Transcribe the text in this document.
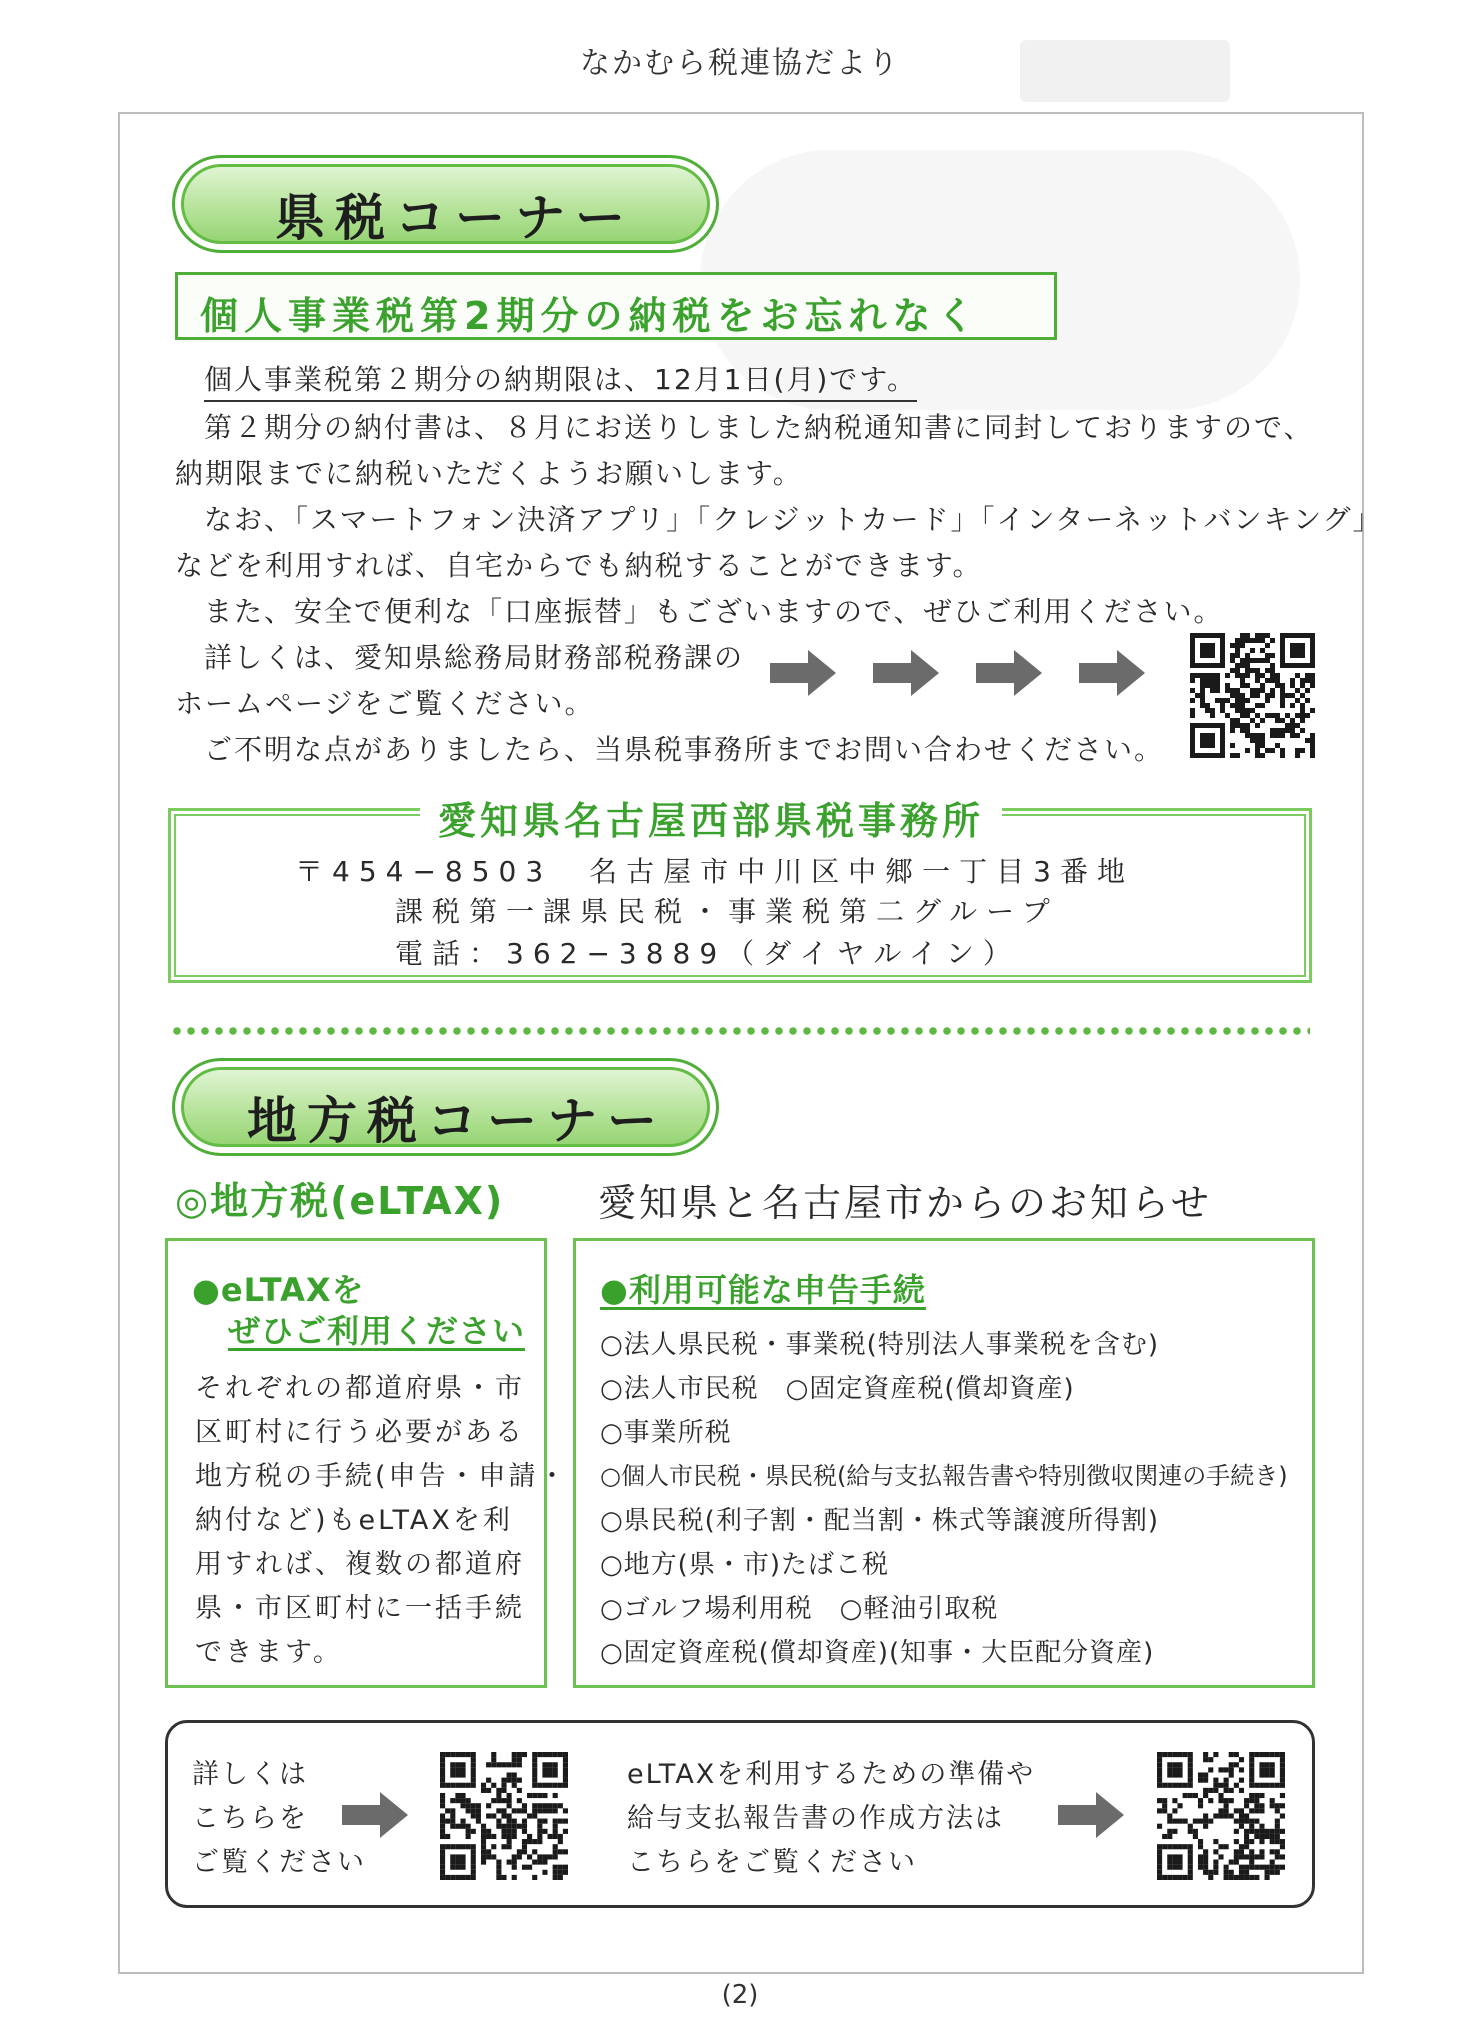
なかむら税連協だより
県税コーナー
個人事業税第2期分の納税をお忘れなく
個人事業税第２期分の納期限は、12月1日(月)です。
第２期分の納付書は、８月にお送りしました納税通知書に同封しておりますので、
納期限までに納税いただくようお願いします。
なお、「スマートフォン決済アプリ」「クレジットカード」「インターネットバンキング」
などを利用すれば、自宅からでも納税することができます。
また、安全で便利な「口座振替」もございますので、ぜひご利用ください。
詳しくは、愛知県総務局財務部税務課の
ホームページをご覧ください。
ご不明な点がありましたら、当県税事務所までお問い合わせください。
愛知県名古屋西部県税事務所
〒454−8503　名古屋市中川区中郷一丁目3番地
課税第一課県民税・事業税第二グループ
電話：362−3889（ダイヤルイン）
地方税コーナー
◎地方税(eLTAX) 愛知県と名古屋市からのお知らせ
●eLTAXを
ぜひご利用ください
それぞれの都道府県・市
区町村に行う必要がある
地方税の手続(申告・申請・
納付など)もeLTAXを利
用すれば、複数の都道府
県・市区町村に一括手続
できます。
●利用可能な申告手続
○法人県民税・事業税(特別法人事業税を含む)
○法人市民税　○固定資産税(償却資産)
○事業所税
○個人市民税・県民税(給与支払報告書や特別徴収関連の手続き)
○県民税(利子割・配当割・株式等譲渡所得割)
○地方(県・市)たばこ税
○ゴルフ場利用税　○軽油引取税
○固定資産税(償却資産)(知事・大臣配分資産)
詳しくは
こちらを
ご覧ください
eLTAXを利用するための準備や
給与支払報告書の作成方法は
こちらをご覧ください
(2)
